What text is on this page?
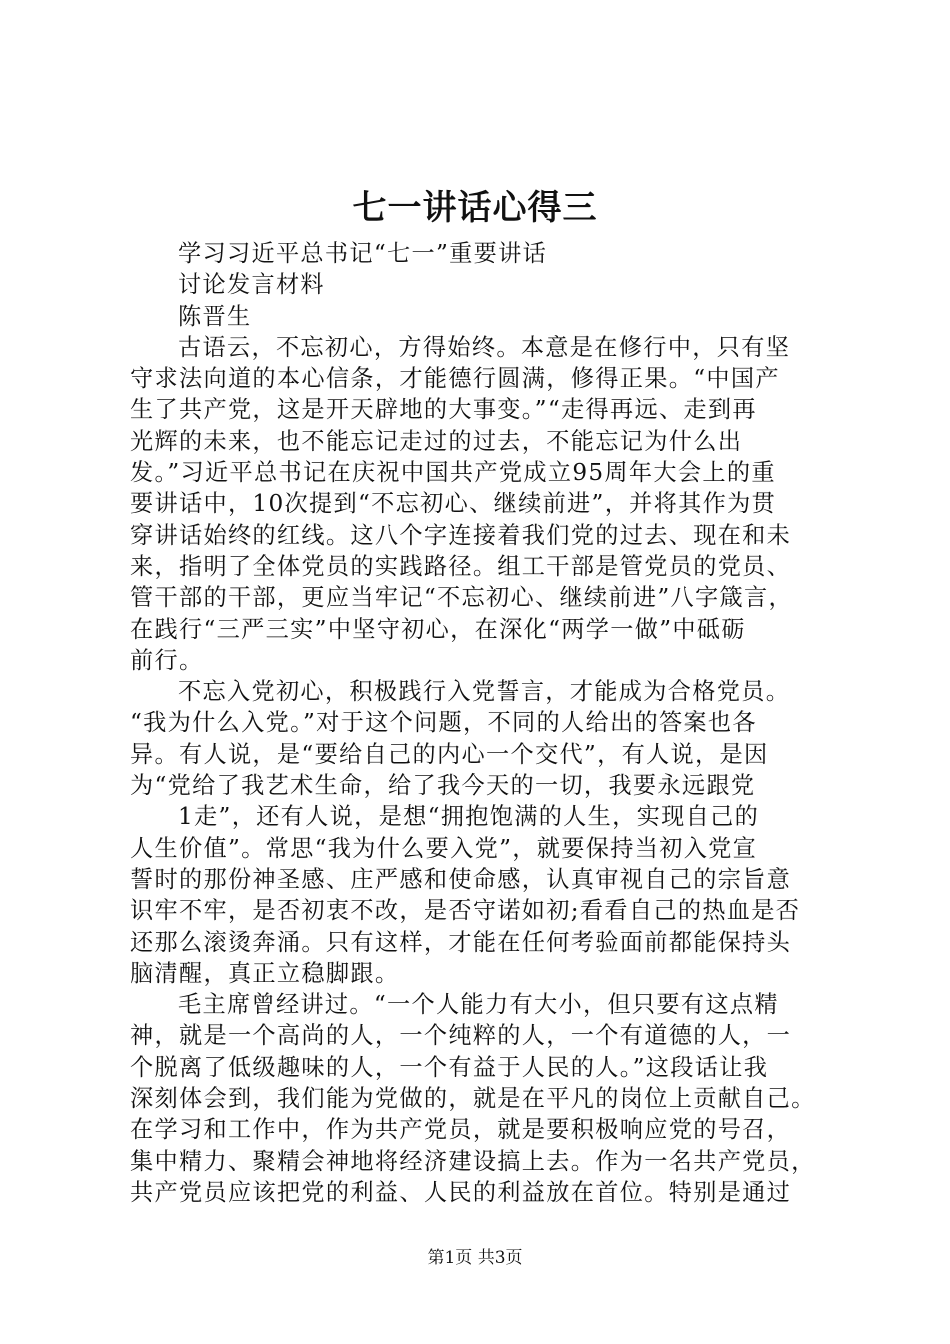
七一讲话心得三
学习习近平总书记“七一”重要讲话
讨论发言材料
陈晋生
古语云，不忘初心，方得始终。本意是在修行中，只有坚
守求法向道的本心信条，才能德行圆满，修得正果。“中国产
生了共产党，这是开天辟地的大事变。”“走得再远、走到再
光辉的未来，也不能忘记走过的过去，不能忘记为什么出
发。”习近平总书记在庆祝中国共产党成立95周年大会上的重
要讲话中，10次提到“不忘初心、继续前进”，并将其作为贯
穿讲话始终的红线。这八个字连接着我们党的过去、现在和未
来，指明了全体党员的实践路径。组工干部是管党员的党员、
管干部的干部，更应当牢记“不忘初心、继续前进”八字箴言，
在践行“三严三实”中坚守初心，在深化“两学一做”中砥砺
前行。
不忘入党初心，积极践行入党誓言，才能成为合格党员。
“我为什么入党。”对于这个问题，不同的人给出的答案也各
异。有人说，是“要给自己的内心一个交代”，有人说，是因
为“党给了我艺术生命，给了我今天的一切，我要永远跟党
1走”，还有人说，是想“拥抱饱满的人生，实现自己的
人生价值”。常思“我为什么要入党”，就要保持当初入党宣
誓时的那份神圣感、庄严感和使命感，认真审视自己的宗旨意
识牢不牢，是否初衷不改，是否守诺如初;看看自己的热血是否
还那么滚烫奔涌。只有这样，才能在任何考验面前都能保持头
脑清醒，真正立稳脚跟。
毛主席曾经讲过。“一个人能力有大小，但只要有这点精
神，就是一个高尚的人，一个纯粹的人，一个有道德的人，一
个脱离了低级趣味的人，一个有益于人民的人。”这段话让我
深刻体会到，我们能为党做的，就是在平凡的岗位上贡献自己。
在学习和工作中，作为共产党员，就是要积极响应党的号召，
集中精力、聚精会神地将经济建设搞上去。作为一名共产党员，
共产党员应该把党的利益、人民的利益放在首位。特别是通过
第1页 共3页
